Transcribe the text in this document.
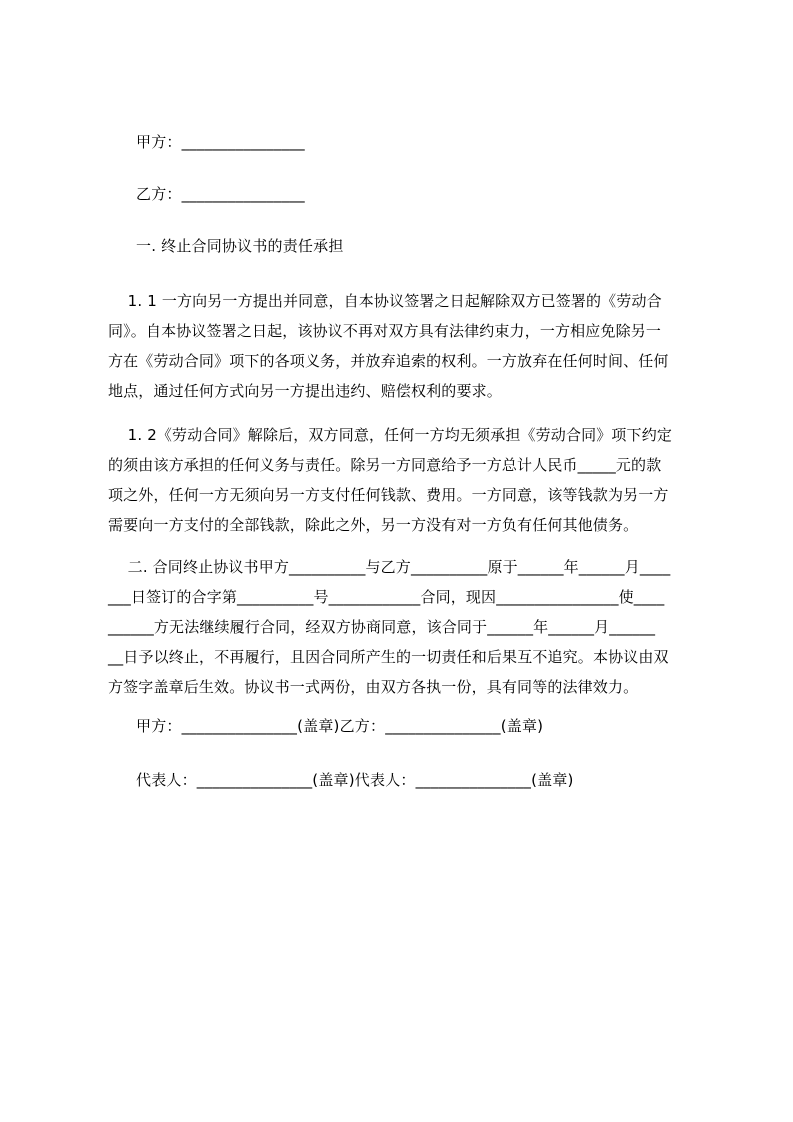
甲方：________________
乙方：________________
一. 终止合同协议书的责任承担
1. 1 一方向另一方提出并同意，自本协议签署之日起解除双方已签署的《劳动合
同》。自本协议签署之日起，该协议不再对双方具有法律约束力，一方相应免除另一
方在《劳动合同》项下的各项义务，并放弃追索的权利。一方放弃在任何时间、任何
地点，通过任何方式向另一方提出违约、赔偿权利的要求。
1. 2《劳动合同》解除后，双方同意，任何一方均无须承担《劳动合同》项下约定
的须由该方承担的任何义务与责任。除另一方同意给予一方总计人民币_____元的款
项之外，任何一方无须向另一方支付任何钱款、费用。一方同意，该等钱款为另一方
需要向一方支付的全部钱款，除此之外，另一方没有对一方负有任何其他债务。
二. 合同终止协议书甲方__________与乙方__________原于______年______月____
___日签订的合字第__________号____________合同，现因________________使____
______方无法继续履行合同，经双方协商同意，该合同于______年______月______
__日予以终止，不再履行，且因合同所产生的一切责任和后果互不追究。本协议由双
方签字盖章后生效。协议书一式两份，由双方各执一份，具有同等的法律效力。
甲方：_______________(盖章)乙方：_______________(盖章)
代表人：_______________(盖章)代表人：_______________(盖章)
